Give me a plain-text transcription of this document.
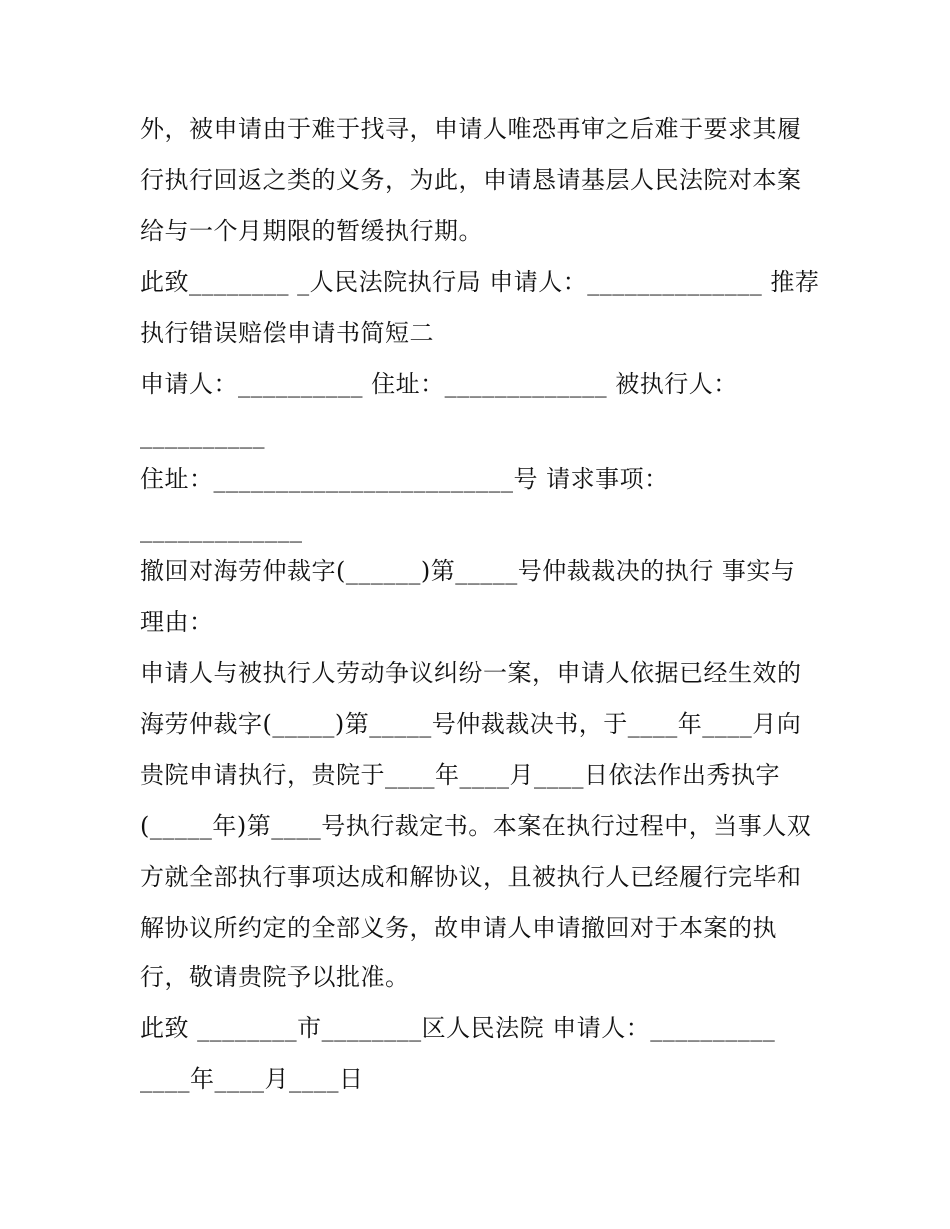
外，被申请由于难于找寻，申请人唯恐再审之后难于要求其履
行执行回返之类的义务，为此，申请恳请基层人民法院对本案
给与一个月期限的暂缓执行期。
此致________ _人民法院执行局 申请人：______________ 推荐
执行错误赔偿申请书简短二
申请人：__________ 住址：_____________ 被执行人：
__________
住址：________________________号 请求事项：
_____________
撤回对海劳仲裁字(______)第_____号仲裁裁决的执行 事实与
理由：
申请人与被执行人劳动争议纠纷一案，申请人依据已经生效的
海劳仲裁字(_____)第_____号仲裁裁决书，于____年____月向
贵院申请执行，贵院于____年____月____日依法作出秀执字
(_____年)第____号执行裁定书。本案在执行过程中，当事人双
方就全部执行事项达成和解协议，且被执行人已经履行完毕和
解协议所约定的全部义务，故申请人申请撤回对于本案的执
行，敬请贵院予以批准。
此致 ________市________区人民法院 申请人：__________
____年____月____日
